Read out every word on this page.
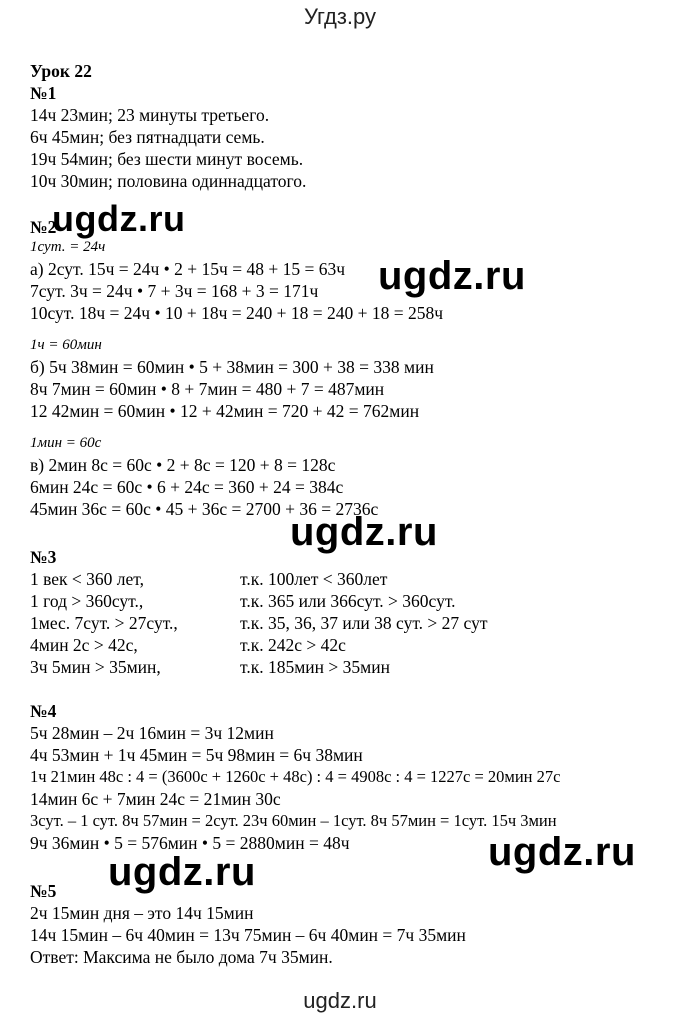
Угдз.ру
Урок 22
№1
14ч 23мин; 23 минуты третьего.
6ч 45мин; без пятнадцати семь.
19ч 54мин; без шести минут восемь.
10ч 30мин; половина одиннадцатого.
№2
1сут. = 24ч
а) 2сут. 15ч = 24ч • 2 + 15ч = 48 + 15 = 63ч
7сут. 3ч = 24ч • 7 + 3ч = 168 + 3 = 171ч
10сут. 18ч = 24ч • 10 + 18ч = 240 + 18 = 240 + 18 = 258ч
1ч = 60мин
б) 5ч 38мин = 60мин • 5 + 38мин = 300 + 38 = 338 мин
8ч 7мин = 60мин • 8 + 7мин = 480 + 7 = 487мин
12 42мин = 60мин • 12 + 42мин = 720 + 42 = 762мин
1мин = 60с
в) 2мин 8с = 60с • 2 + 8с = 120 + 8 = 128с
6мин 24с = 60с • 6 + 24с = 360 + 24 = 384с
45мин 36с = 60с • 45 + 36с = 2700 + 36 = 2736с
№3
1 век < 360 лет,	т.к. 100лет < 360лет
1 год > 360сут.,	т.к. 365 или 366сут. > 360сут.
1мес. 7сут. > 27сут.,	т.к. 35, 36, 37 или 38 сут. > 27 сут
4мин 2с > 42с,	т.к. 242с > 42с
3ч 5мин > 35мин,	т.к. 185мин > 35мин
№4
5ч 28мин – 2ч 16мин = 3ч 12мин
4ч 53мин + 1ч 45мин = 5ч 98мин = 6ч 38мин
1ч 21мин 48с : 4 = (3600с + 1260с + 48с) : 4 = 4908с : 4 = 1227с = 20мин 27с
14мин 6с + 7мин 24с = 21мин 30с
3сут. – 1 сут. 8ч 57мин = 2сут. 23ч 60мин – 1сут. 8ч 57мин = 1сут. 15ч 3мин
9ч 36мин • 5 = 576мин • 5 = 2880мин = 48ч
№5
2ч 15мин дня – это 14ч 15мин
14ч 15мин – 6ч 40мин = 13ч 75мин – 6ч 40мин = 7ч 35мин
Ответ: Максима не было дома 7ч 35мин.
ugdz.ru
ugdz.ru
ugdz.ru
ugdz.ru
ugdz.ru
ugdz.ru
